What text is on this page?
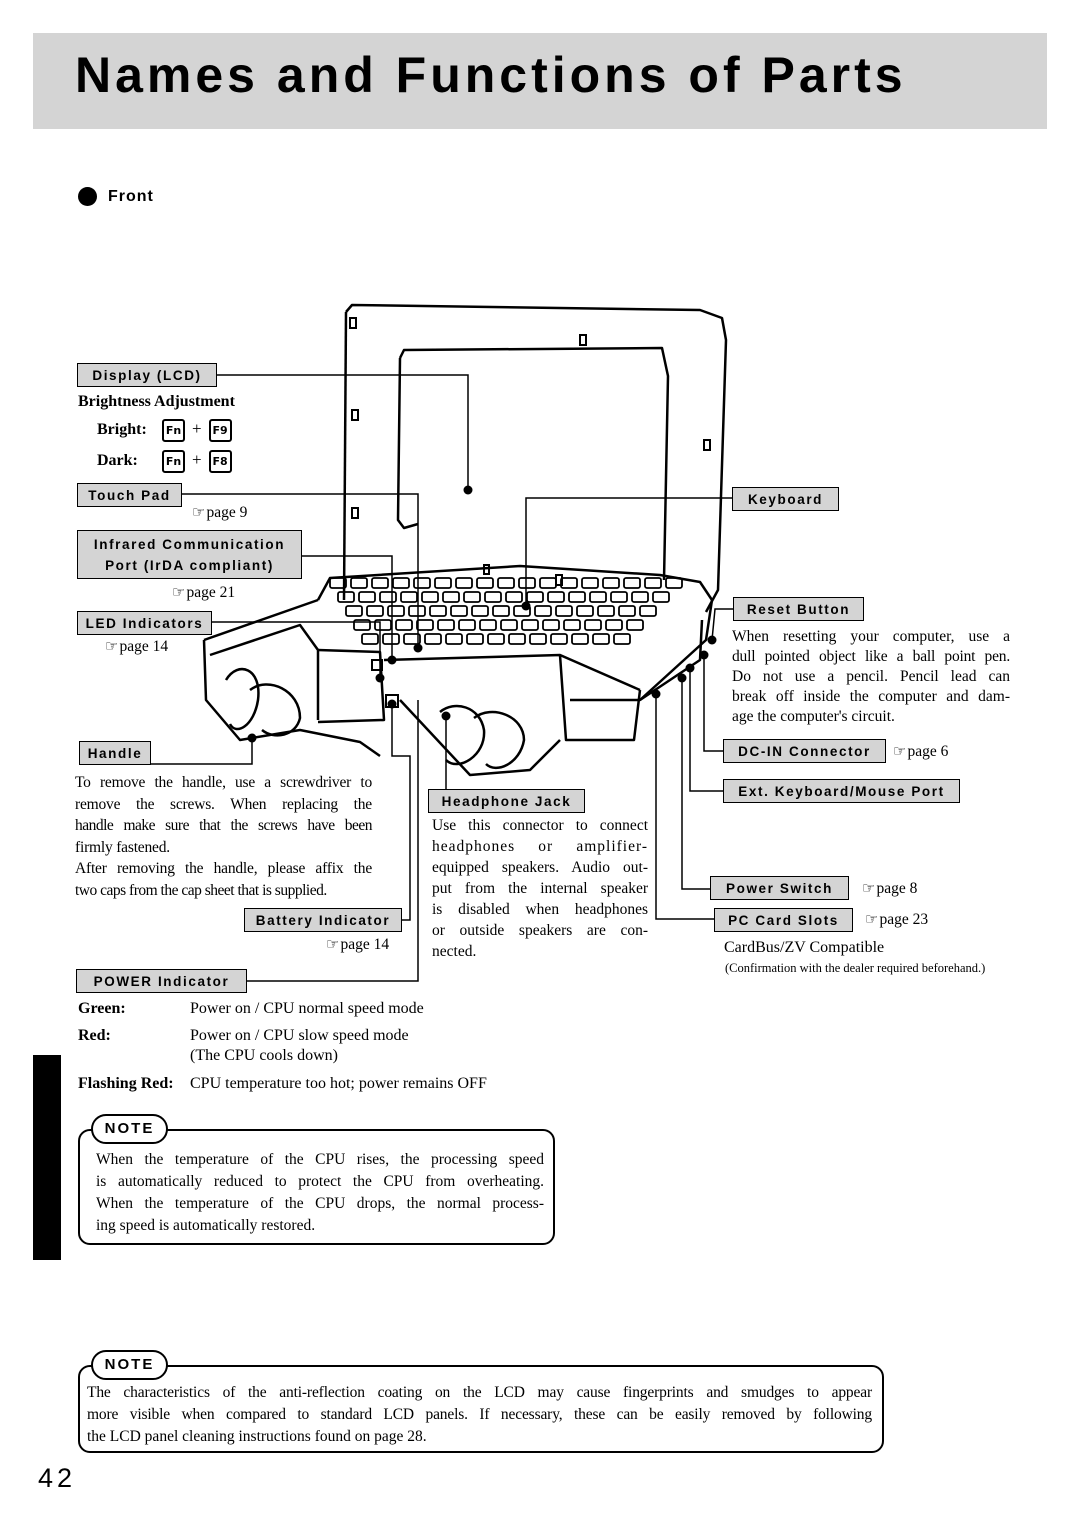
Names and Functions of Parts
Front
Display (LCD)
Brightness Adjustment
Bright:	Fn + F9
Dark:	Fn + F8
Touch Pad
☞page 9
Infrared Communication
Port (IrDA compliant)
☞page 21
LED Indicators
☞page 14
Handle
To remove the handle, use a screwdriver to
remove the screws. When replacing the
handle make sure that the screws have been
firmly fastened.
After removing the handle, please affix the
two caps from the cap sheet that is supplied.
Battery Indicator
☞page 14
POWER Indicator
Headphone Jack
Use this connector to connect
headphones or amplifier-
equipped speakers. Audio out-
put from the internal speaker
is disabled when headphones
or outside speakers are con-
nected.
Keyboard
Reset Button
When resetting your computer, use a
dull pointed object like a ball point pen.
Do not use a pencil. Pencil lead can
break off inside the computer and dam-
age the computer's circuit.
DC-IN Connector	☞page 6
Ext. Keyboard/Mouse Port
Power Switch	☞page 8
PC Card Slots	☞page 23
CardBus/ZV Compatible
(Confirmation with the dealer required beforehand.)
Green:	Power on / CPU normal speed mode
Red:	Power on / CPU slow speed mode
(The CPU cools down)
Flashing Red: CPU temperature too hot; power remains OFF
NOTE
When the temperature of the CPU rises, the processing speed
is automatically reduced to protect the CPU from overheating.
When the temperature of the CPU drops, the normal process-
ing speed is automatically restored.
NOTE
The characteristics of the anti-reflection coating on the LCD may cause fingerprints and smudges to appear
more visible when compared to standard LCD panels. If necessary, these can be easily removed by following
the LCD panel cleaning instructions found on page 28.
42
